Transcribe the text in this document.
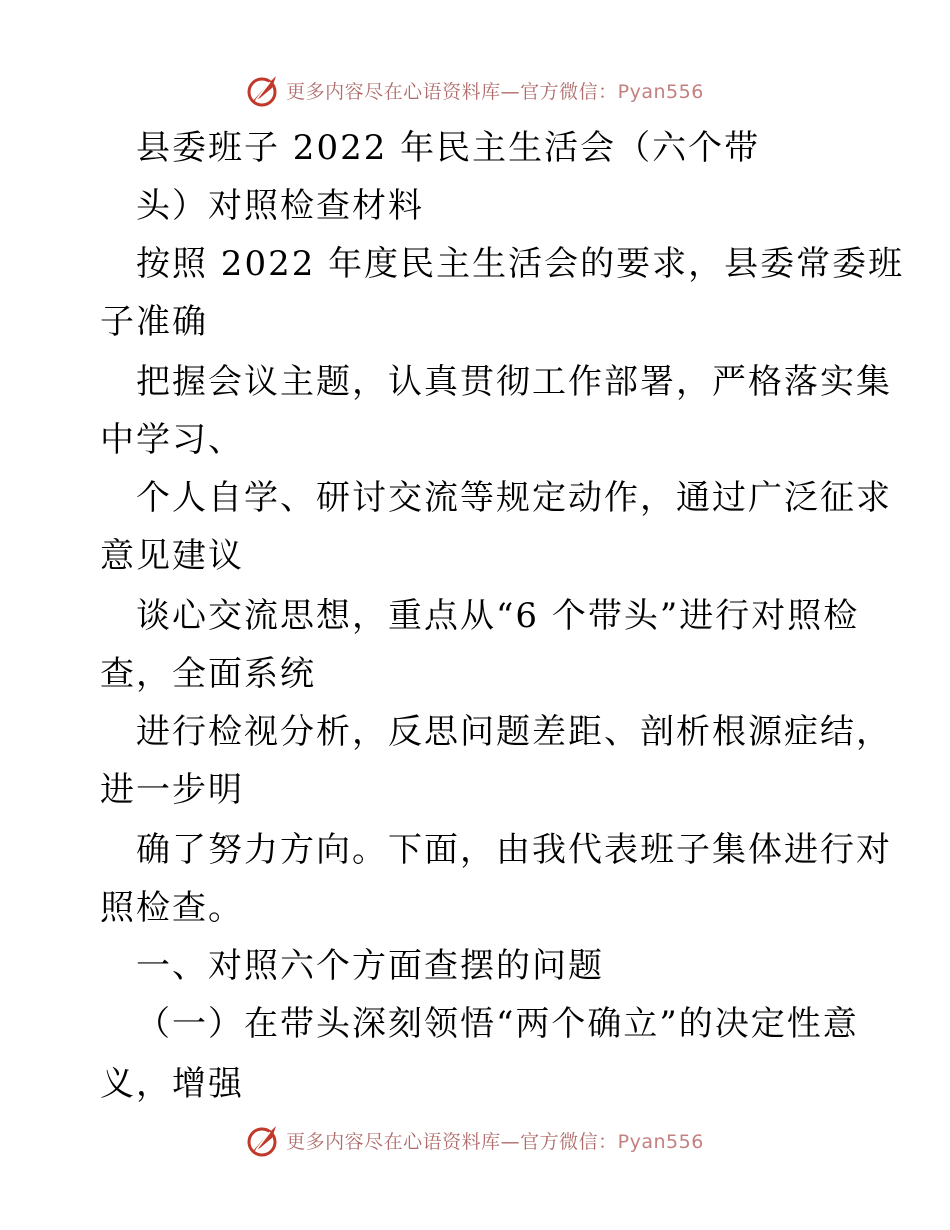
更多内容尽在心语资料库—官方微信：Pyan556
县委班子 2022 年民主生活会（六个带
头）对照检查材料
按照 2022 年度民主生活会的要求，县委常委班
子准确
把握会议主题，认真贯彻工作部署，严格落实集
中学习、
个人自学、研讨交流等规定动作，通过广泛征求
意见建议
谈心交流思想，重点从“6 个带头”进行对照检
查，全面系统
进行检视分析，反思问题差距、剖析根源症结，
进一步明
确了努力方向。下面，由我代表班子集体进行对
照检查。
一、对照六个方面查摆的问题
（一）在带头深刻领悟“两个确立”的决定性意
义，增强
更多内容尽在心语资料库—官方微信：Pyan556
